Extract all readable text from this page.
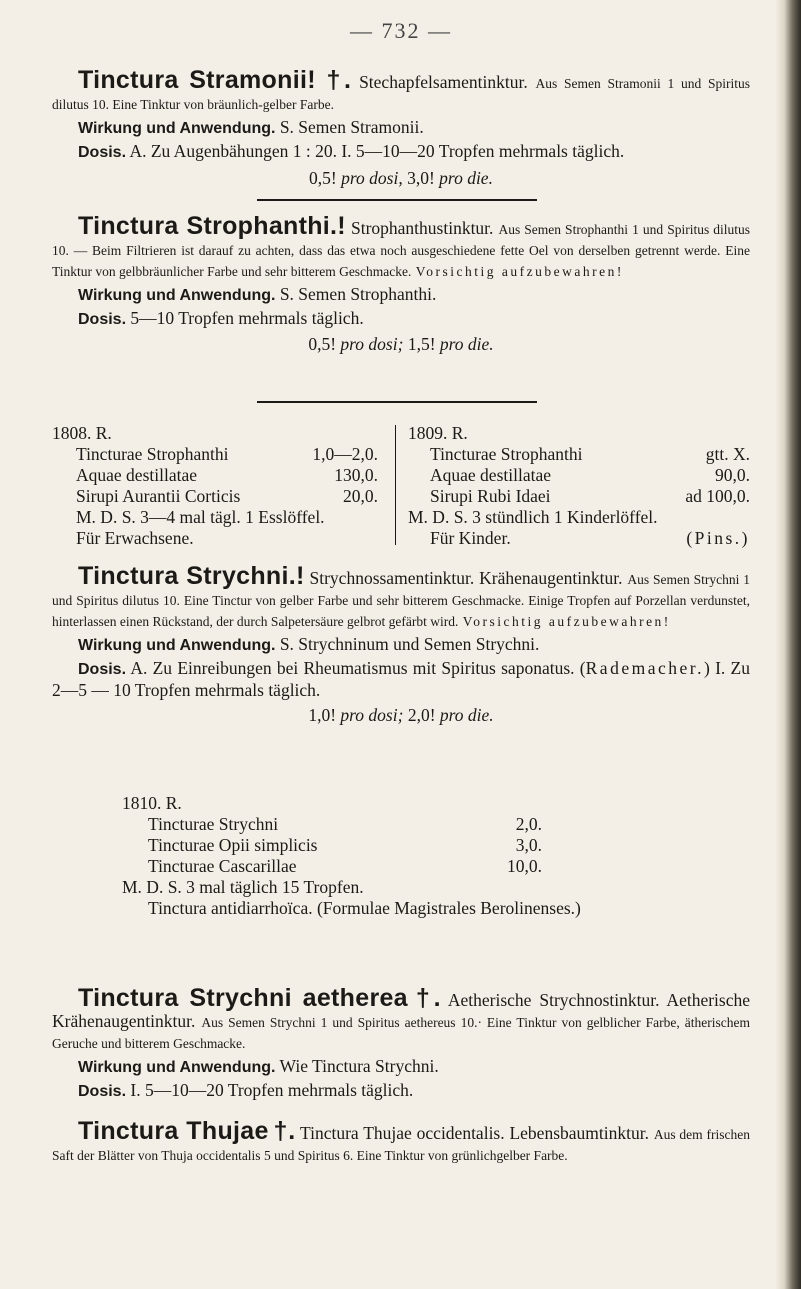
— 732 —

Tinctura Stramonii! †. Stechapfelsamentinktur. Aus Semen Stramonii 1 und Spiritus dilutus 10. Eine Tinktur von bräunlich-gelber Farbe.

Wirkung und Anwendung. S. Semen Stramonii.

Dosis. A. Zu Augenbähungen 1 : 20. I. 5—10—20 Tropfen mehrmals täglich.

0,5! pro dosi, 3,0! pro die.

Tinctura Strophanthi.! Strophanthustinktur. Aus Semen Strophanthi 1 und Spiritus dilutus 10. — Beim Filtrieren ist darauf zu achten, dass das etwa noch ausgeschiedene fette Oel von derselben getrennt werde. Eine Tinktur von gelbbräunlicher Farbe und sehr bitterem Geschmacke. Vorsichtig aufzubewahren!

Wirkung und Anwendung. S. Semen Strophanthi.

Dosis. 5—10 Tropfen mehrmals täglich.

0,5! pro dosi; 1,5! pro die.

1808. R.

Tincturae Strophanthi	1,0—2,0.
Aquae destillatae	130,0.
Sirupi Aurantii Corticis	20,0.

M. D. S. 3—4 mal tägl. 1 Esslöffel.

Für Erwachsene.

1809. R.

Tincturae Strophanthi	gtt. X.
Aquae destillatae	90,0.
Sirupi Rubi Idaei	ad 100,0.

M. D. S. 3 stündlich 1 Kinderlöffel.

Für Kinder.	(Pins.)

Tinctura Strychni.! Strychnossamentinktur. Krähenaugentinktur. Aus Semen Strychni 1 und Spiritus dilutus 10. Eine Tinctur von gelber Farbe und sehr bitterem Geschmacke. Einige Tropfen auf Porzellan verdunstet, hinterlassen einen Rückstand, der durch Salpetersäure gelbrot gefärbt wird. Vorsichtig aufzubewahren!

Wirkung und Anwendung. S. Strychninum und Semen Strychni.

Dosis. A. Zu Einreibungen bei Rheumatismus mit Spiritus saponatus. (Rademacher.) I. Zu 2—5 — 10 Tropfen mehrmals täglich.

1,0! pro dosi; 2,0! pro die.

1810. R.

Tincturae Strychni	2,0.
Tincturae Opii simplicis	3,0.
Tincturae Cascarillae	10,0.

M. D. S. 3 mal täglich 15 Tropfen.

Tinctura antidiarrhoïca. (Formulae Magistrales Berolinenses.)

Tinctura Strychni aetherea †. Aetherische Strychnostinktur. Aetherische Krähenaugentinktur. Aus Semen Strychni 1 und Spiritus aethereus 10.· Eine Tinktur von gelblicher Farbe, ätherischem Geruche und bitterem Geschmacke.

Wirkung und Anwendung. Wie Tinctura Strychni.

Dosis. I. 5—10—20 Tropfen mehrmals täglich.

Tinctura Thujae †. Tinctura Thujae occidentalis. Lebensbaumtinktur. Aus dem frischen Saft der Blätter von Thuja occidentalis 5 und Spiritus 6. Eine Tinktur von grünlichgelber Farbe.
